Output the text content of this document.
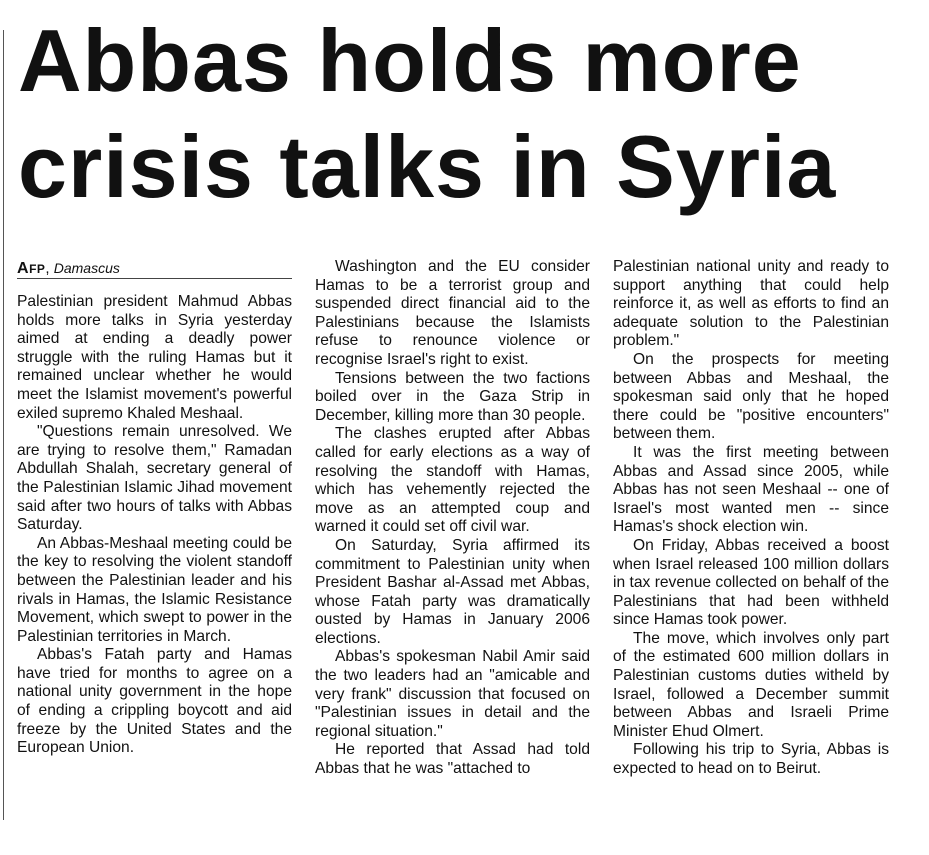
Abbas holds more
crisis talks in Syria
AFP, Damascus

Palestinian president Mahmud Abbas holds more talks in Syria yesterday aimed at ending a deadly power struggle with the ruling Hamas but it remained unclear whether he would meet the Islamist movement's powerful exiled supremo Khaled Meshaal.

"Questions remain unresolved. We are trying to resolve them," Ramadan Abdullah Shalah, secretary general of the Palestinian Islamic Jihad movement said after two hours of talks with Abbas Saturday.

An Abbas-Meshaal meeting could be the key to resolving the violent standoff between the Palestinian leader and his rivals in Hamas, the Islamic Resistance Movement, which swept to power in the Palestinian territories in March.

Abbas's Fatah party and Hamas have tried for months to agree on a national unity government in the hope of ending a crippling boycott and aid freeze by the United States and the European Union.

Washington and the EU consider Hamas to be a terrorist group and suspended direct financial aid to the Palestinians because the Islamists refuse to renounce violence or recognise Israel's right to exist.

Tensions between the two factions boiled over in the Gaza Strip in December, killing more than 30 people.

The clashes erupted after Abbas called for early elections as a way of resolving the standoff with Hamas, which has vehemently rejected the move as an attempted coup and warned it could set off civil war.

On Saturday, Syria affirmed its commitment to Palestinian unity when President Bashar al-Assad met Abbas, whose Fatah party was dramatically ousted by Hamas in January 2006 elections.

Abbas's spokesman Nabil Amir said the two leaders had an "amicable and very frank" discussion that focused on "Palestinian issues in detail and the regional situation."

He reported that Assad had told Abbas that he was "attached to

Palestinian national unity and ready to support anything that could help reinforce it, as well as efforts to find an adequate solution to the Palestinian problem."

On the prospects for meeting between Abbas and Meshaal, the spokesman said only that he hoped there could be "positive encounters" between them.

It was the first meeting between Abbas and Assad since 2005, while Abbas has not seen Meshaal -- one of Israel's most wanted men -- since Hamas's shock election win.

On Friday, Abbas received a boost when Israel released 100 million dollars in tax revenue collected on behalf of the Palestinians that had been withheld since Hamas took power.

The move, which involves only part of the estimated 600 million dollars in Palestinian customs duties witheld by Israel, followed a December summit between Abbas and Israeli Prime Minister Ehud Olmert.

Following his trip to Syria, Abbas is expected to head on to Beirut.
